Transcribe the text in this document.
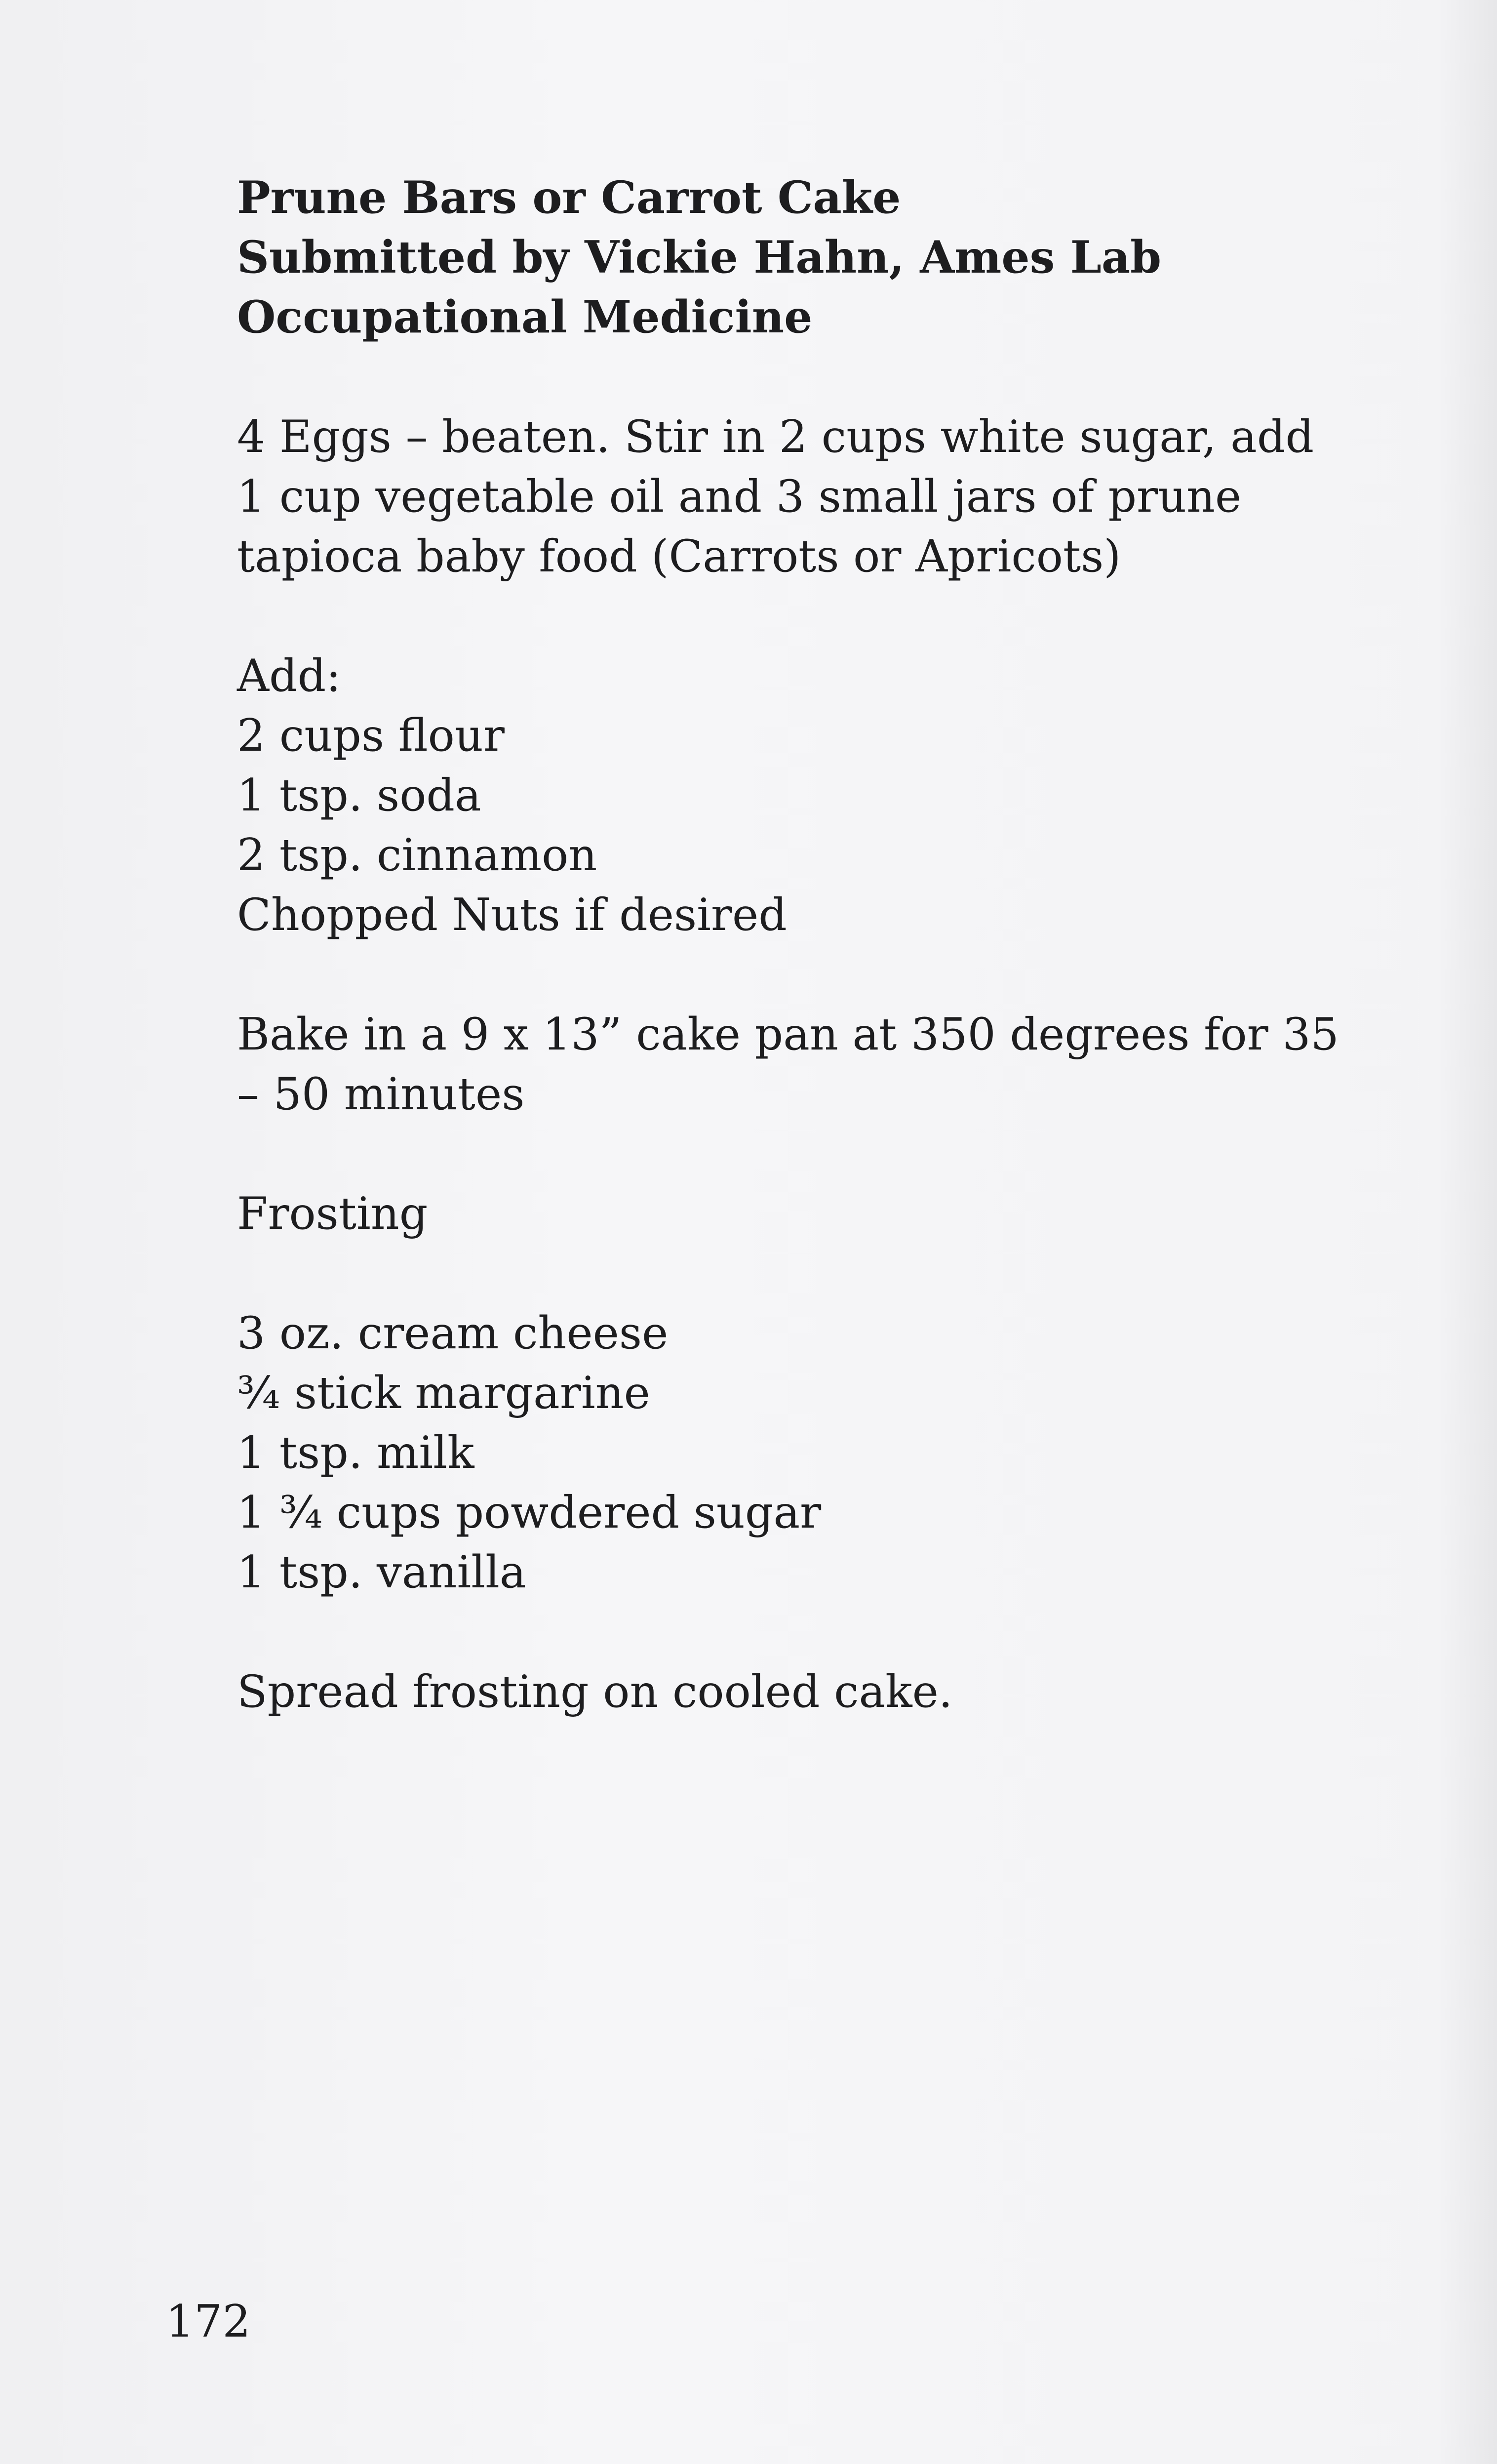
Prune Bars or Carrot Cake

Submitted by Vickie Hahn, Ames Lab

Occupational Medicine

4 Eggs – beaten. Stir in 2 cups white sugar, add

1 cup vegetable oil and 3 small jars of prune

tapioca baby food (Carrots or Apricots)

Add:

2 cups flour

1 tsp. soda

2 tsp. cinnamon

Chopped Nuts if desired

Bake in a 9 x 13” cake pan at 350 degrees for 35

– 50 minutes

Frosting

3 oz. cream cheese

¾ stick margarine

1 tsp. milk

1 ¾ cups powdered sugar

1 tsp. vanilla

Spread frosting on cooled cake.

172
